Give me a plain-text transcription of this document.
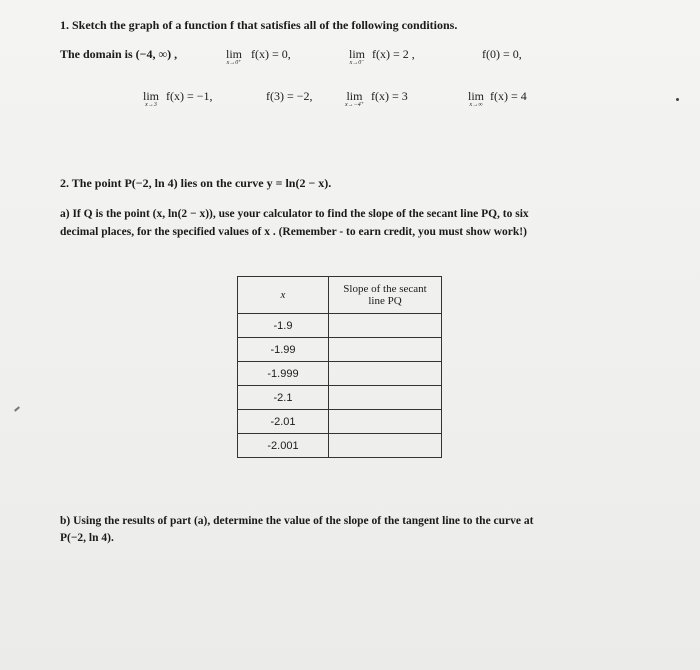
1. Sketch the graph of a function f that satisfies all of the following conditions.
The domain is (−4, ∞) ,	lim
x→0⁺
f(x) = 0,	lim
x→0⁻
f(x) = 2 ,	f(0) = 0,
lim
x→3
f(x) = −1,	f(3) = −2,	lim
x→−4⁺
f(x) = 3	lim
x→∞
f(x) = 4
2. The point P(−2, ln 4) lies on the curve y = ln(2 − x).
a) If Q is the point (x, ln(2 − x)), use your calculator to find the slope of the secant line PQ, to six
decimal places, for the specified values of x . (Remember - to earn credit, you must show work!)
x	Slope of the secant
line PQ

-1.9	
-1.99	
-1.999	
-2.1	
-2.01	
-2.001	
b) Using the results of part (a), determine the value of the slope of the tangent line to the curve at
P(−2, ln 4).
